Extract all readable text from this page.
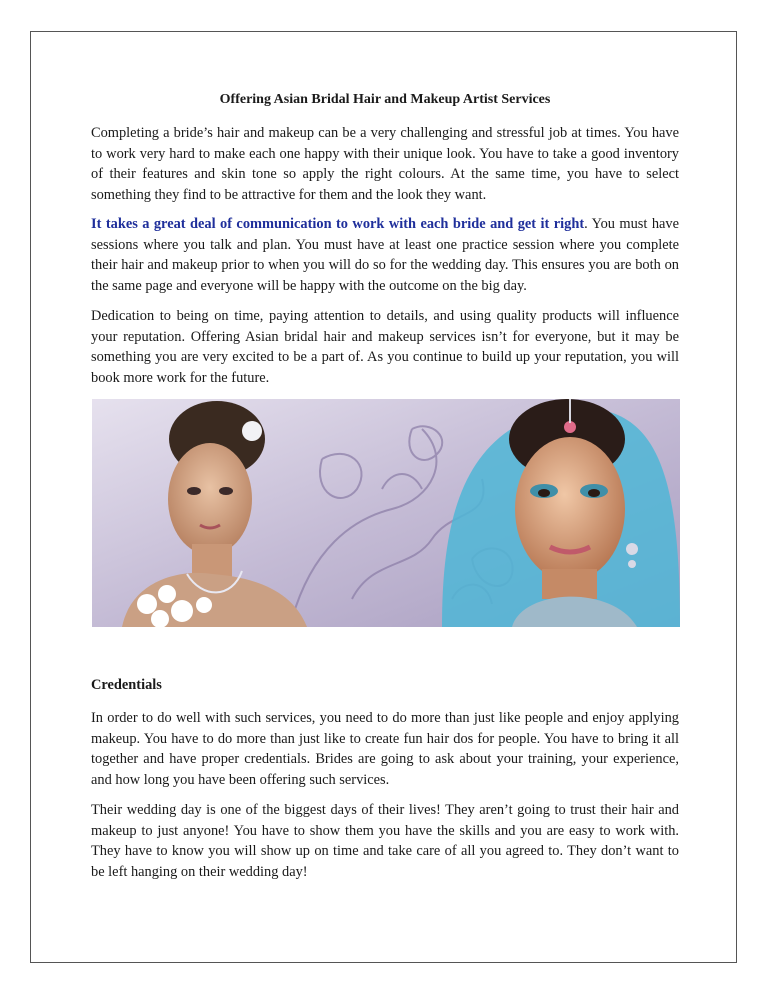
Offering Asian Bridal Hair and Makeup Artist Services

Completing a bride’s hair and makeup can be a very challenging and stressful job at times. You have to work very hard to make each one happy with their unique look. You have to take a good inventory of their features and skin tone so apply the right colours. At the same time, you have to select something they find to be attractive for them and the look they want.

It takes a great deal of communication to work with each bride and get it right. You must have sessions where you talk and plan. You must have at least one practice session where you complete their hair and makeup prior to when you will do so for the wedding day. This ensures you are both on the same page and everyone will be happy with the outcome on the big day.

Dedication to being on time, paying attention to details, and using quality products will influence your reputation. Offering Asian bridal hair and makeup services isn’t for everyone, but it may be something you are very excited to be a part of. As you continue to build up your reputation, you will book more work for the future.

Credentials

In order to do well with such services, you need to do more than just like people and enjoy applying makeup. You have to do more than just like to create fun hair dos for people. You have to bring it all together and have proper credentials. Brides are going to ask about your training, your experience, and how long you have been offering such services.

Their wedding day is one of the biggest days of their lives! They aren’t going to trust their hair and makeup to just anyone! You have to show them you have the skills and you are easy to work with. They have to know you will show up on time and take care of all you agreed to. They don’t want to be left hanging on their wedding day!
